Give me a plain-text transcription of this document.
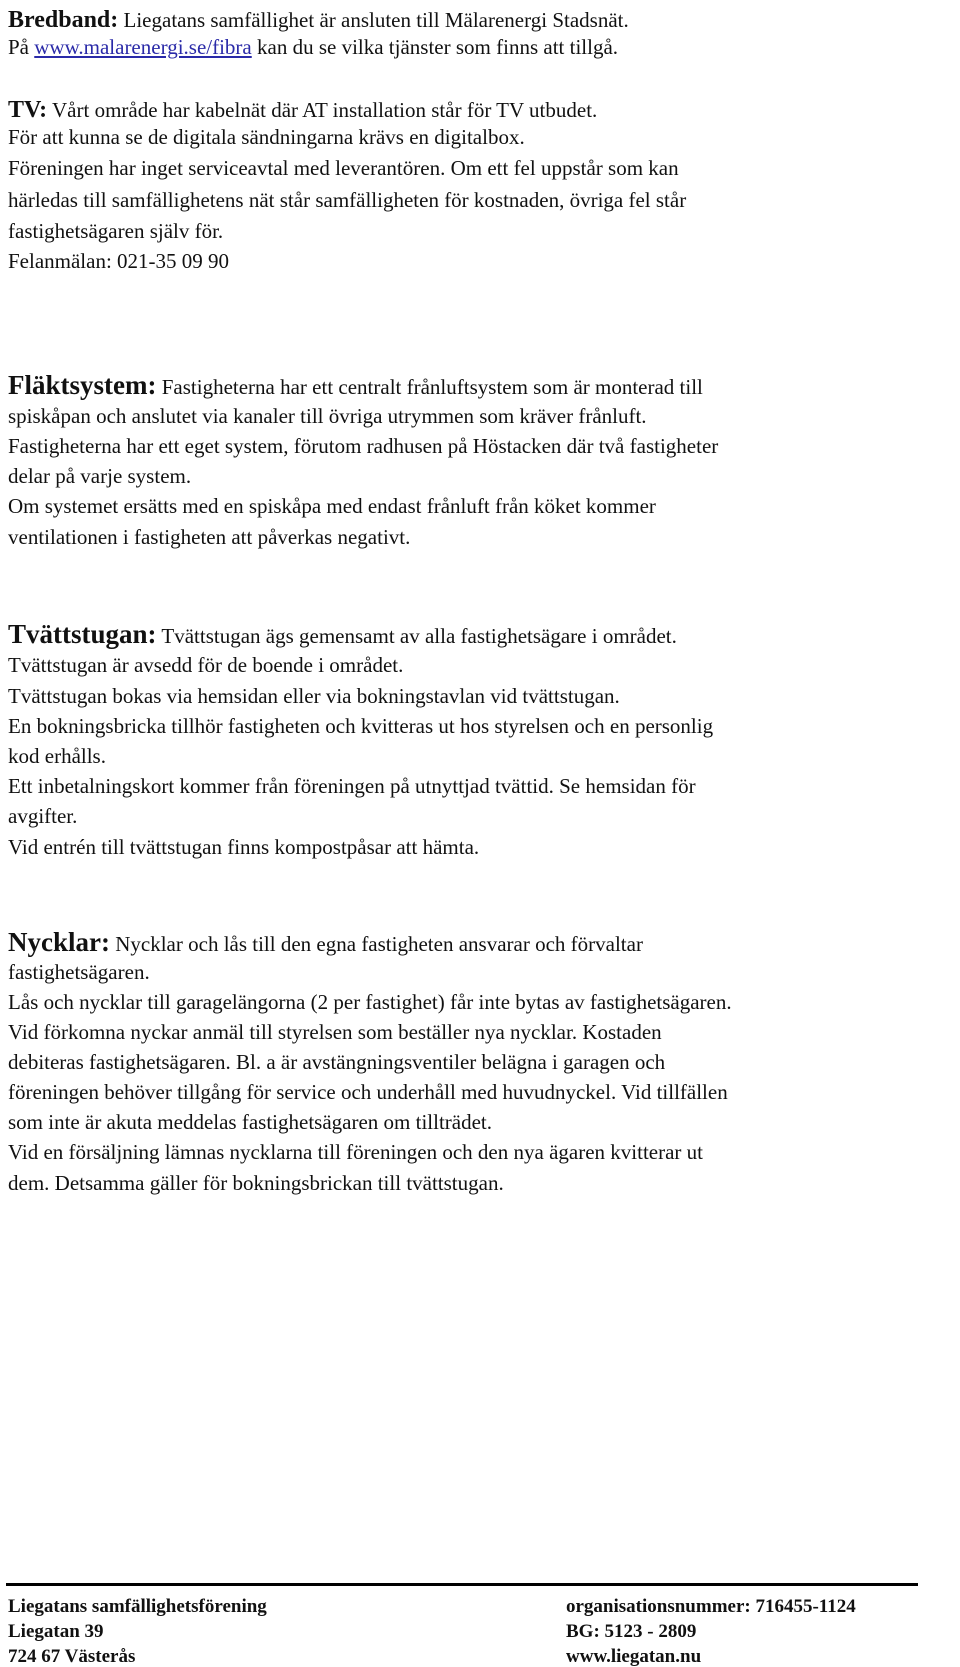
Bredband: Liegatans samfällighet är ansluten till Mälarenergi Stadsnät.
På www.malarenergi.se/fibra kan du se vilka tjänster som finns att tillgå.
TV: Vårt område har kabelnät där AT installation står för TV utbudet.
För att kunna se de digitala sändningarna krävs en digitalbox.
Föreningen har inget serviceavtal med leverantören. Om ett fel uppstår som kan
härledas till samfällighetens nät står samfälligheten för kostnaden, övriga fel står
fastighetsägaren själv för.
Felanmälan: 021-35 09 90
Fläktsystem: Fastigheterna har ett centralt frånluftsystem som är monterad till
spiskåpan och anslutet via kanaler till övriga utrymmen som kräver frånluft.
Fastigheterna har ett eget system, förutom radhusen på Höstacken där två fastigheter
delar på varje system.
Om systemet ersätts med en spiskåpa med endast frånluft från köket kommer
ventilationen i fastigheten att påverkas negativt.
Tvättstugan: Tvättstugan ägs gemensamt av alla fastighetsägare i området.
Tvättstugan är avsedd för de boende i området.
Tvättstugan bokas via hemsidan eller via bokningstavlan vid tvättstugan.
En bokningsbricka tillhör fastigheten och kvitteras ut hos styrelsen och en personlig
kod erhålls.
Ett inbetalningskort kommer från föreningen på utnyttjad tvättid. Se hemsidan för
avgifter.
Vid entrén till tvättstugan finns kompostpåsar att hämta.
Nycklar: Nycklar och lås till den egna fastigheten ansvarar och förvaltar
fastighetsägaren.
Lås och nycklar till garagelängorna (2 per fastighet) får inte bytas av fastighetsägaren.
Vid förkomna nyckar anmäl till styrelsen som beställer nya nycklar. Kostaden
debiteras fastighetsägaren. Bl. a är avstängningsventiler belägna i garagen och
föreningen behöver tillgång för service och underhåll med huvudnyckel. Vid tillfällen
som inte är akuta meddelas fastighetsägaren om tillträdet.
Vid en försäljning lämnas nycklarna till föreningen och den nya ägaren kvitterar ut
dem. Detsamma gäller för bokningsbrickan till tvättstugan.
Liegatans samfällighetsförening
Liegatan 39
724 67 Västerås
organisationsnummer: 716455-1124
BG: 5123 - 2809
www.liegatan.nu
